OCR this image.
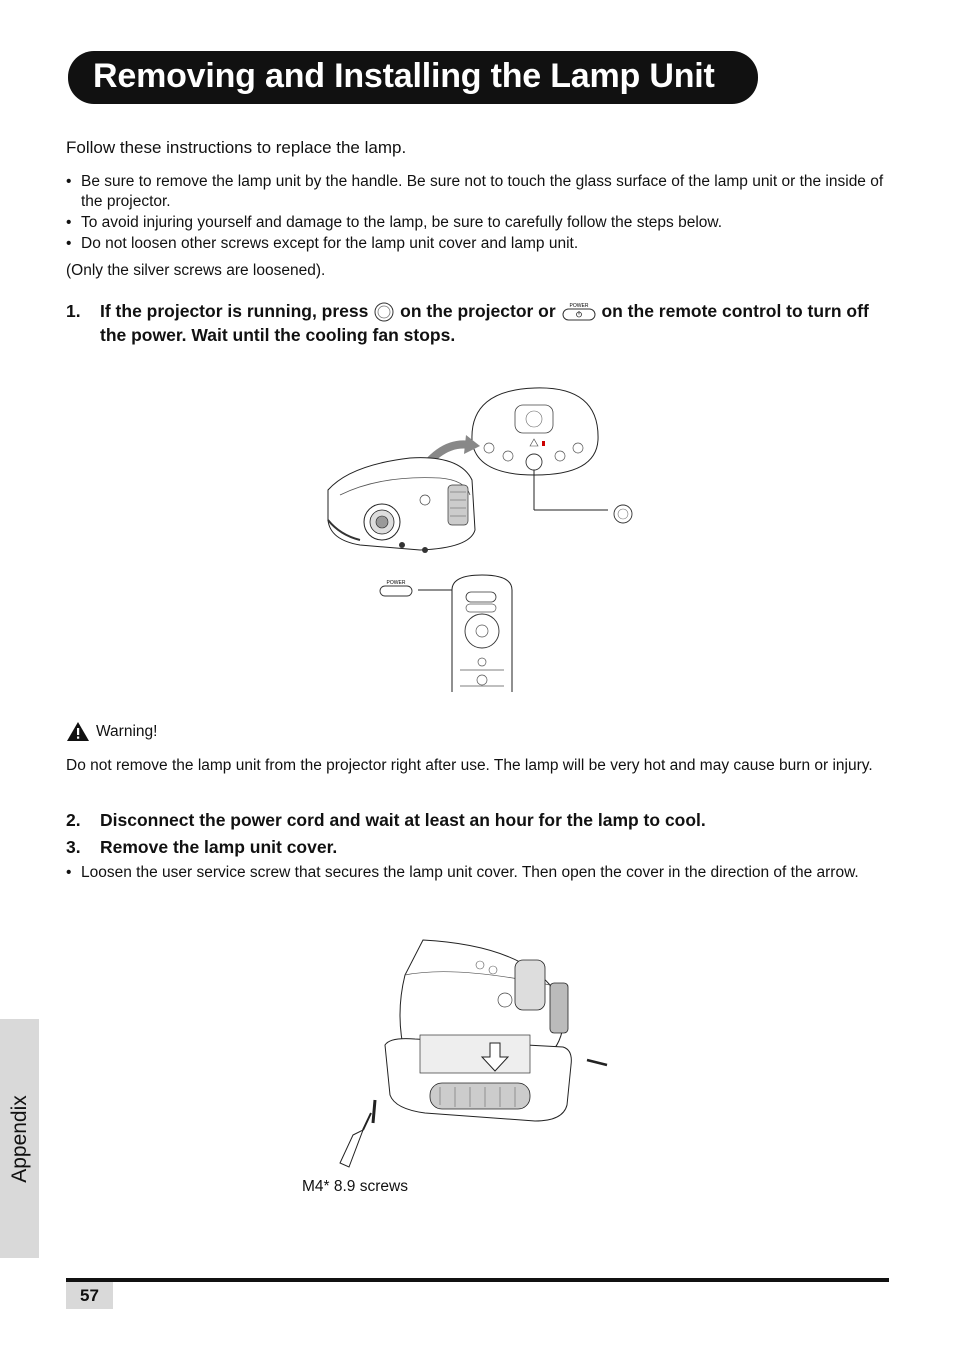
Removing and Installing the Lamp Unit
Follow these instructions to replace the lamp.
• Be sure to remove the lamp unit by the handle. Be sure not to touch the glass surface of the lamp unit or the inside of the projector.
• To avoid injuring yourself and damage to the lamp, be sure to carefully follow the steps below.
• Do not loosen other screws except for the lamp unit cover and lamp unit.
(Only the silver screws are loosened).
1.	If the projector is running, press on the projector or	POWER on the remote control to turn off the power. Wait until the cooling fan stops.
POWER
Warning!
Do not remove the lamp unit from the projector right after use. The lamp will be very hot and may cause burn or injury.
2.	Disconnect the power cord and wait at least an hour for the lamp to cool.
3.	Remove the lamp unit cover.
• Loosen the user service screw that secures the lamp unit cover. Then open the cover in the direction of the arrow.
M4* 8.9 screws
Appendix
57
